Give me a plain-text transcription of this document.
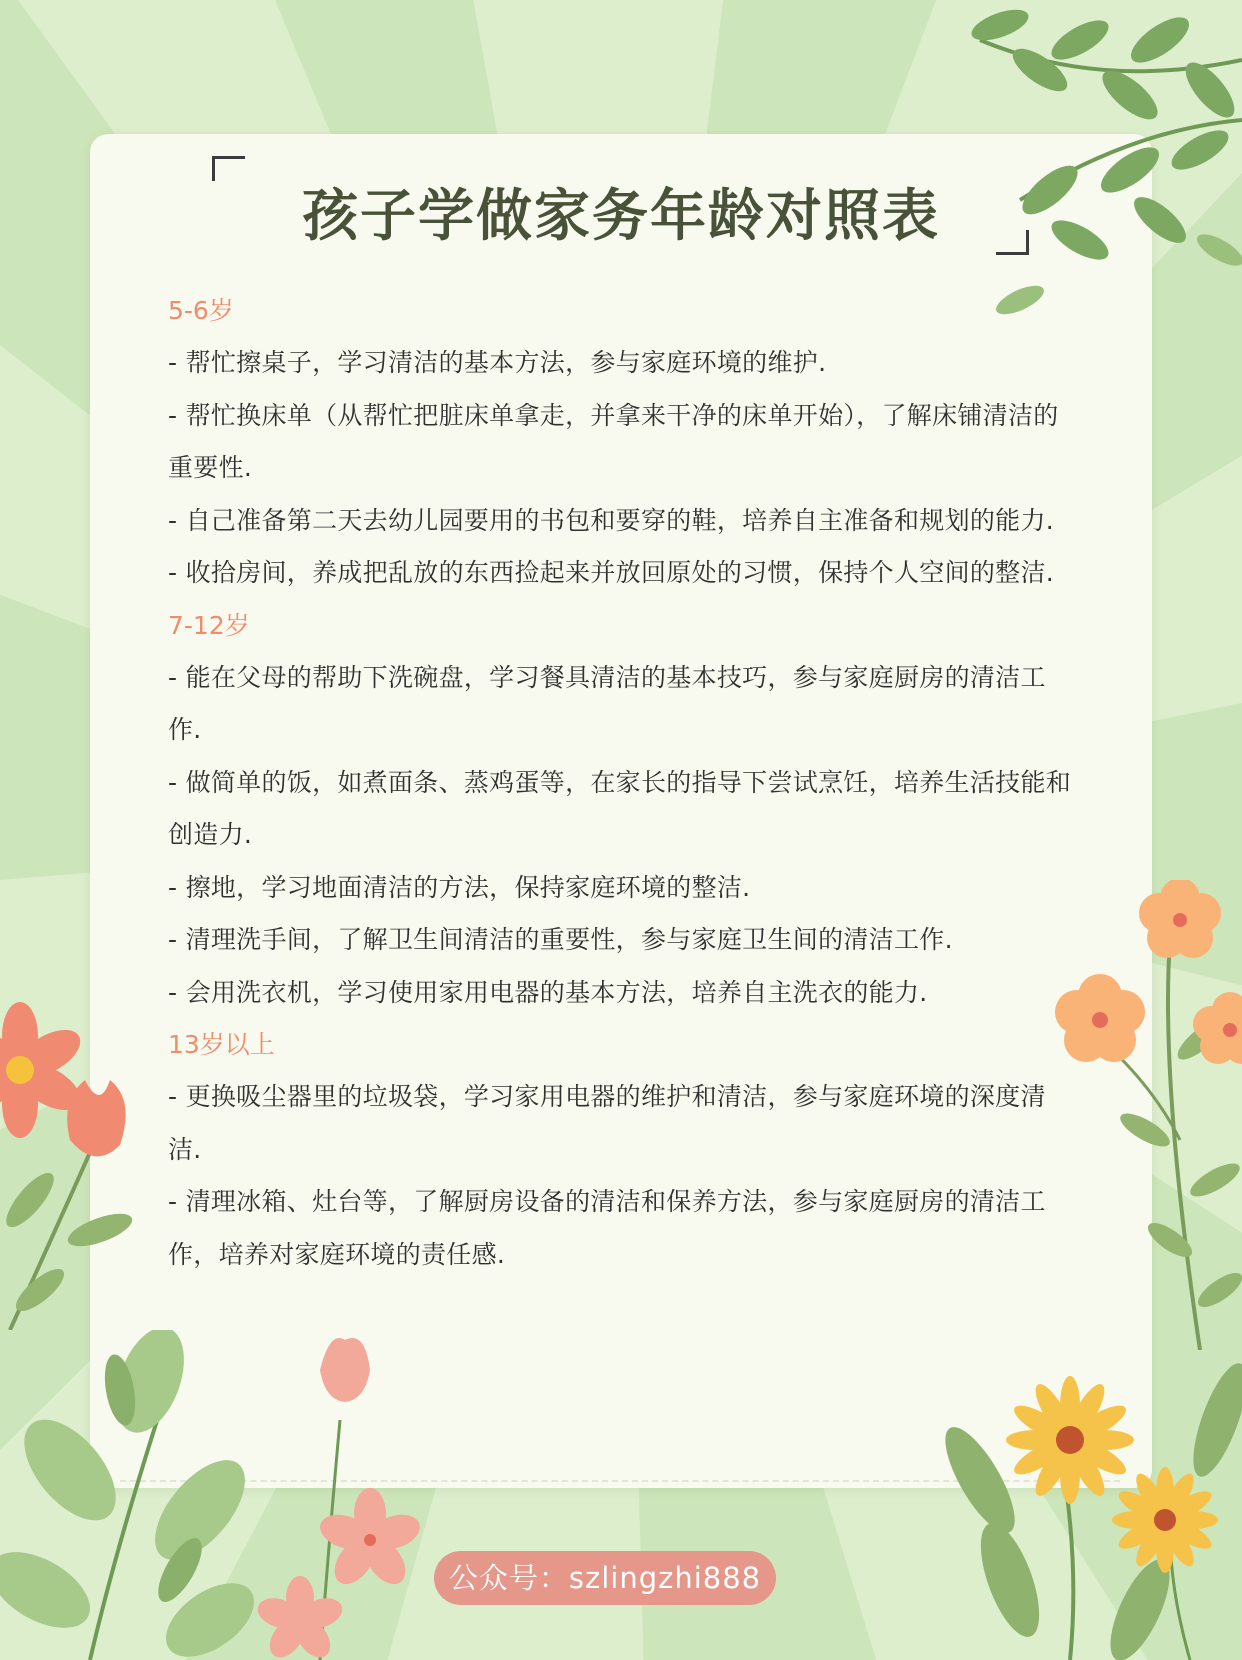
孩子学做家务年龄对照表
5-6岁

- 帮忙擦桌子，学习清洁的基本方法，参与家庭环境的维护.

- 帮忙换床单（从帮忙把脏床单拿走，并拿来干净的床单开始），了解床铺清洁的重要性.

- 自己准备第二天去幼儿园要用的书包和要穿的鞋，培养自主准备和规划的能力.

- 收拾房间，养成把乱放的东西捡起来并放回原处的习惯，保持个人空间的整洁.

7-12岁

- 能在父母的帮助下洗碗盘，学习餐具清洁的基本技巧，参与家庭厨房的清洁工作.

- 做简单的饭，如煮面条、蒸鸡蛋等，在家长的指导下尝试烹饪，培养生活技能和创造力.

- 擦地，学习地面清洁的方法，保持家庭环境的整洁.

- 清理洗手间，了解卫生间清洁的重要性，参与家庭卫生间的清洁工作.

- 会用洗衣机，学习使用家用电器的基本方法，培养自主洗衣的能力.

13岁以上

- 更换吸尘器里的垃圾袋，学习家用电器的维护和清洁，参与家庭环境的深度清洁.

- 清理冰箱、灶台等，了解厨房设备的清洁和保养方法，参与家庭厨房的清洁工作，培养对家庭环境的责任感.

公众号：szlingzhi888
